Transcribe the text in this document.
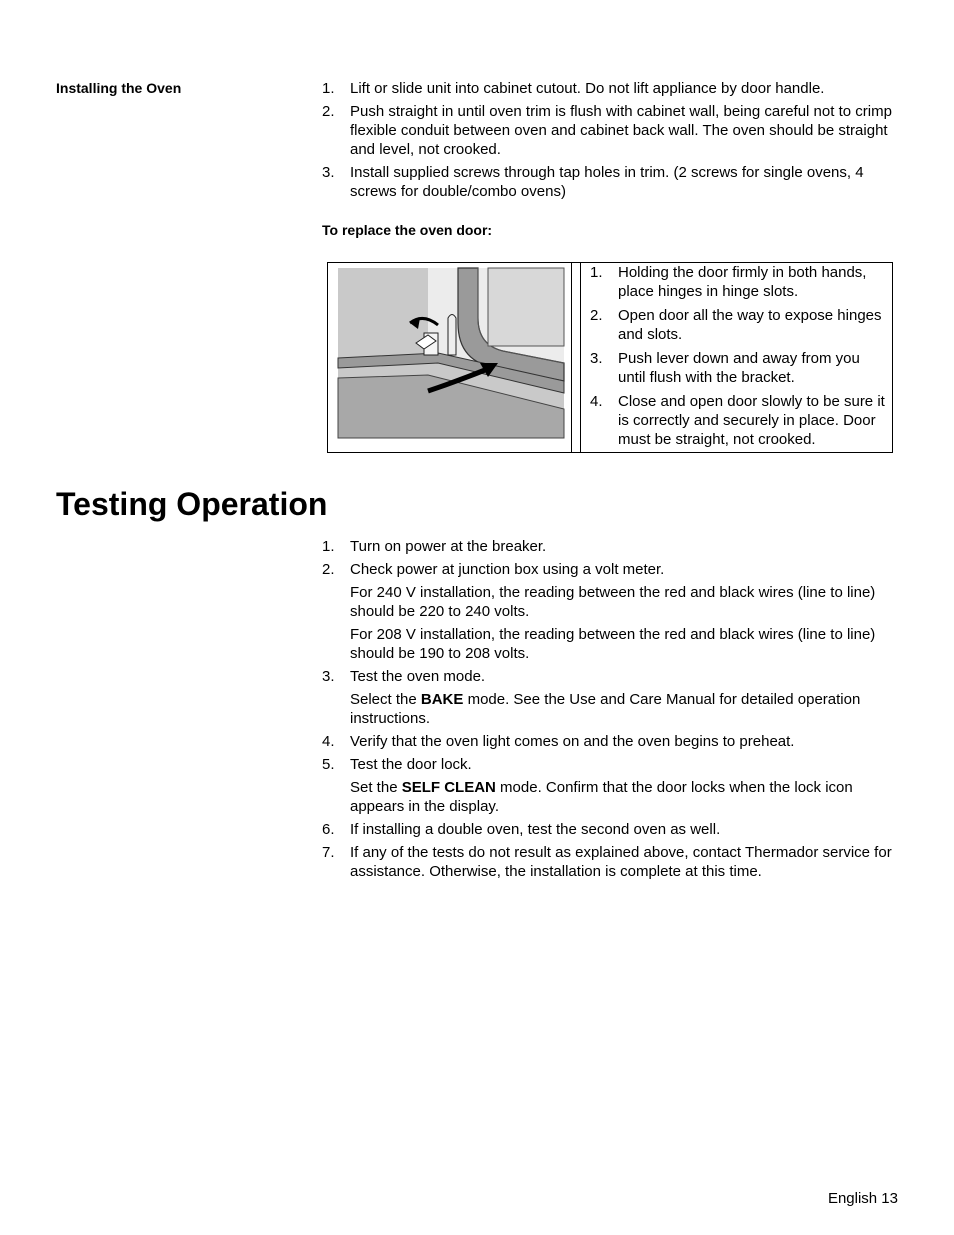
Installing the Oven	1. Lift or slide unit into cabinet cutout. Do not lift appliance by door handle.
2. Push straight in until oven trim is flush with cabinet wall, being careful not to crimp flexible conduit between oven and cabinet back wall. The oven should be straight and level, not crooked.
3. Install supplied screws through tap holes in trim. (2 screws for single ovens, 4 screws for double/combo ovens)
To replace the oven door:
1. Holding the door firmly in both hands, place hinges in hinge slots.
2. Open door all the way to expose hinges and slots.
3. Push lever down and away from you until flush with the bracket.
4. Close and open door slowly to be sure it is correctly and securely in place. Door must be straight, not crooked.
Testing Operation
1. Turn on power at the breaker.
2. Check power at junction box using a volt meter.
For 240 V installation, the reading between the red and black wires (line to line) should be 220 to 240 volts.
For 208 V installation, the reading between the red and black wires (line to line) should be 190 to 208 volts.
3. Test the oven mode.
Select the BAKE mode. See the Use and Care Manual for detailed operation instructions.
4. Verify that the oven light comes on and the oven begins to preheat.
5. Test the door lock.
Set the SELF CLEAN mode. Confirm that the door locks when the lock icon appears in the display.
6. If installing a double oven, test the second oven as well.
7. If any of the tests do not result as explained above, contact Thermador service for assistance. Otherwise, the installation is complete at this time.
English 13
